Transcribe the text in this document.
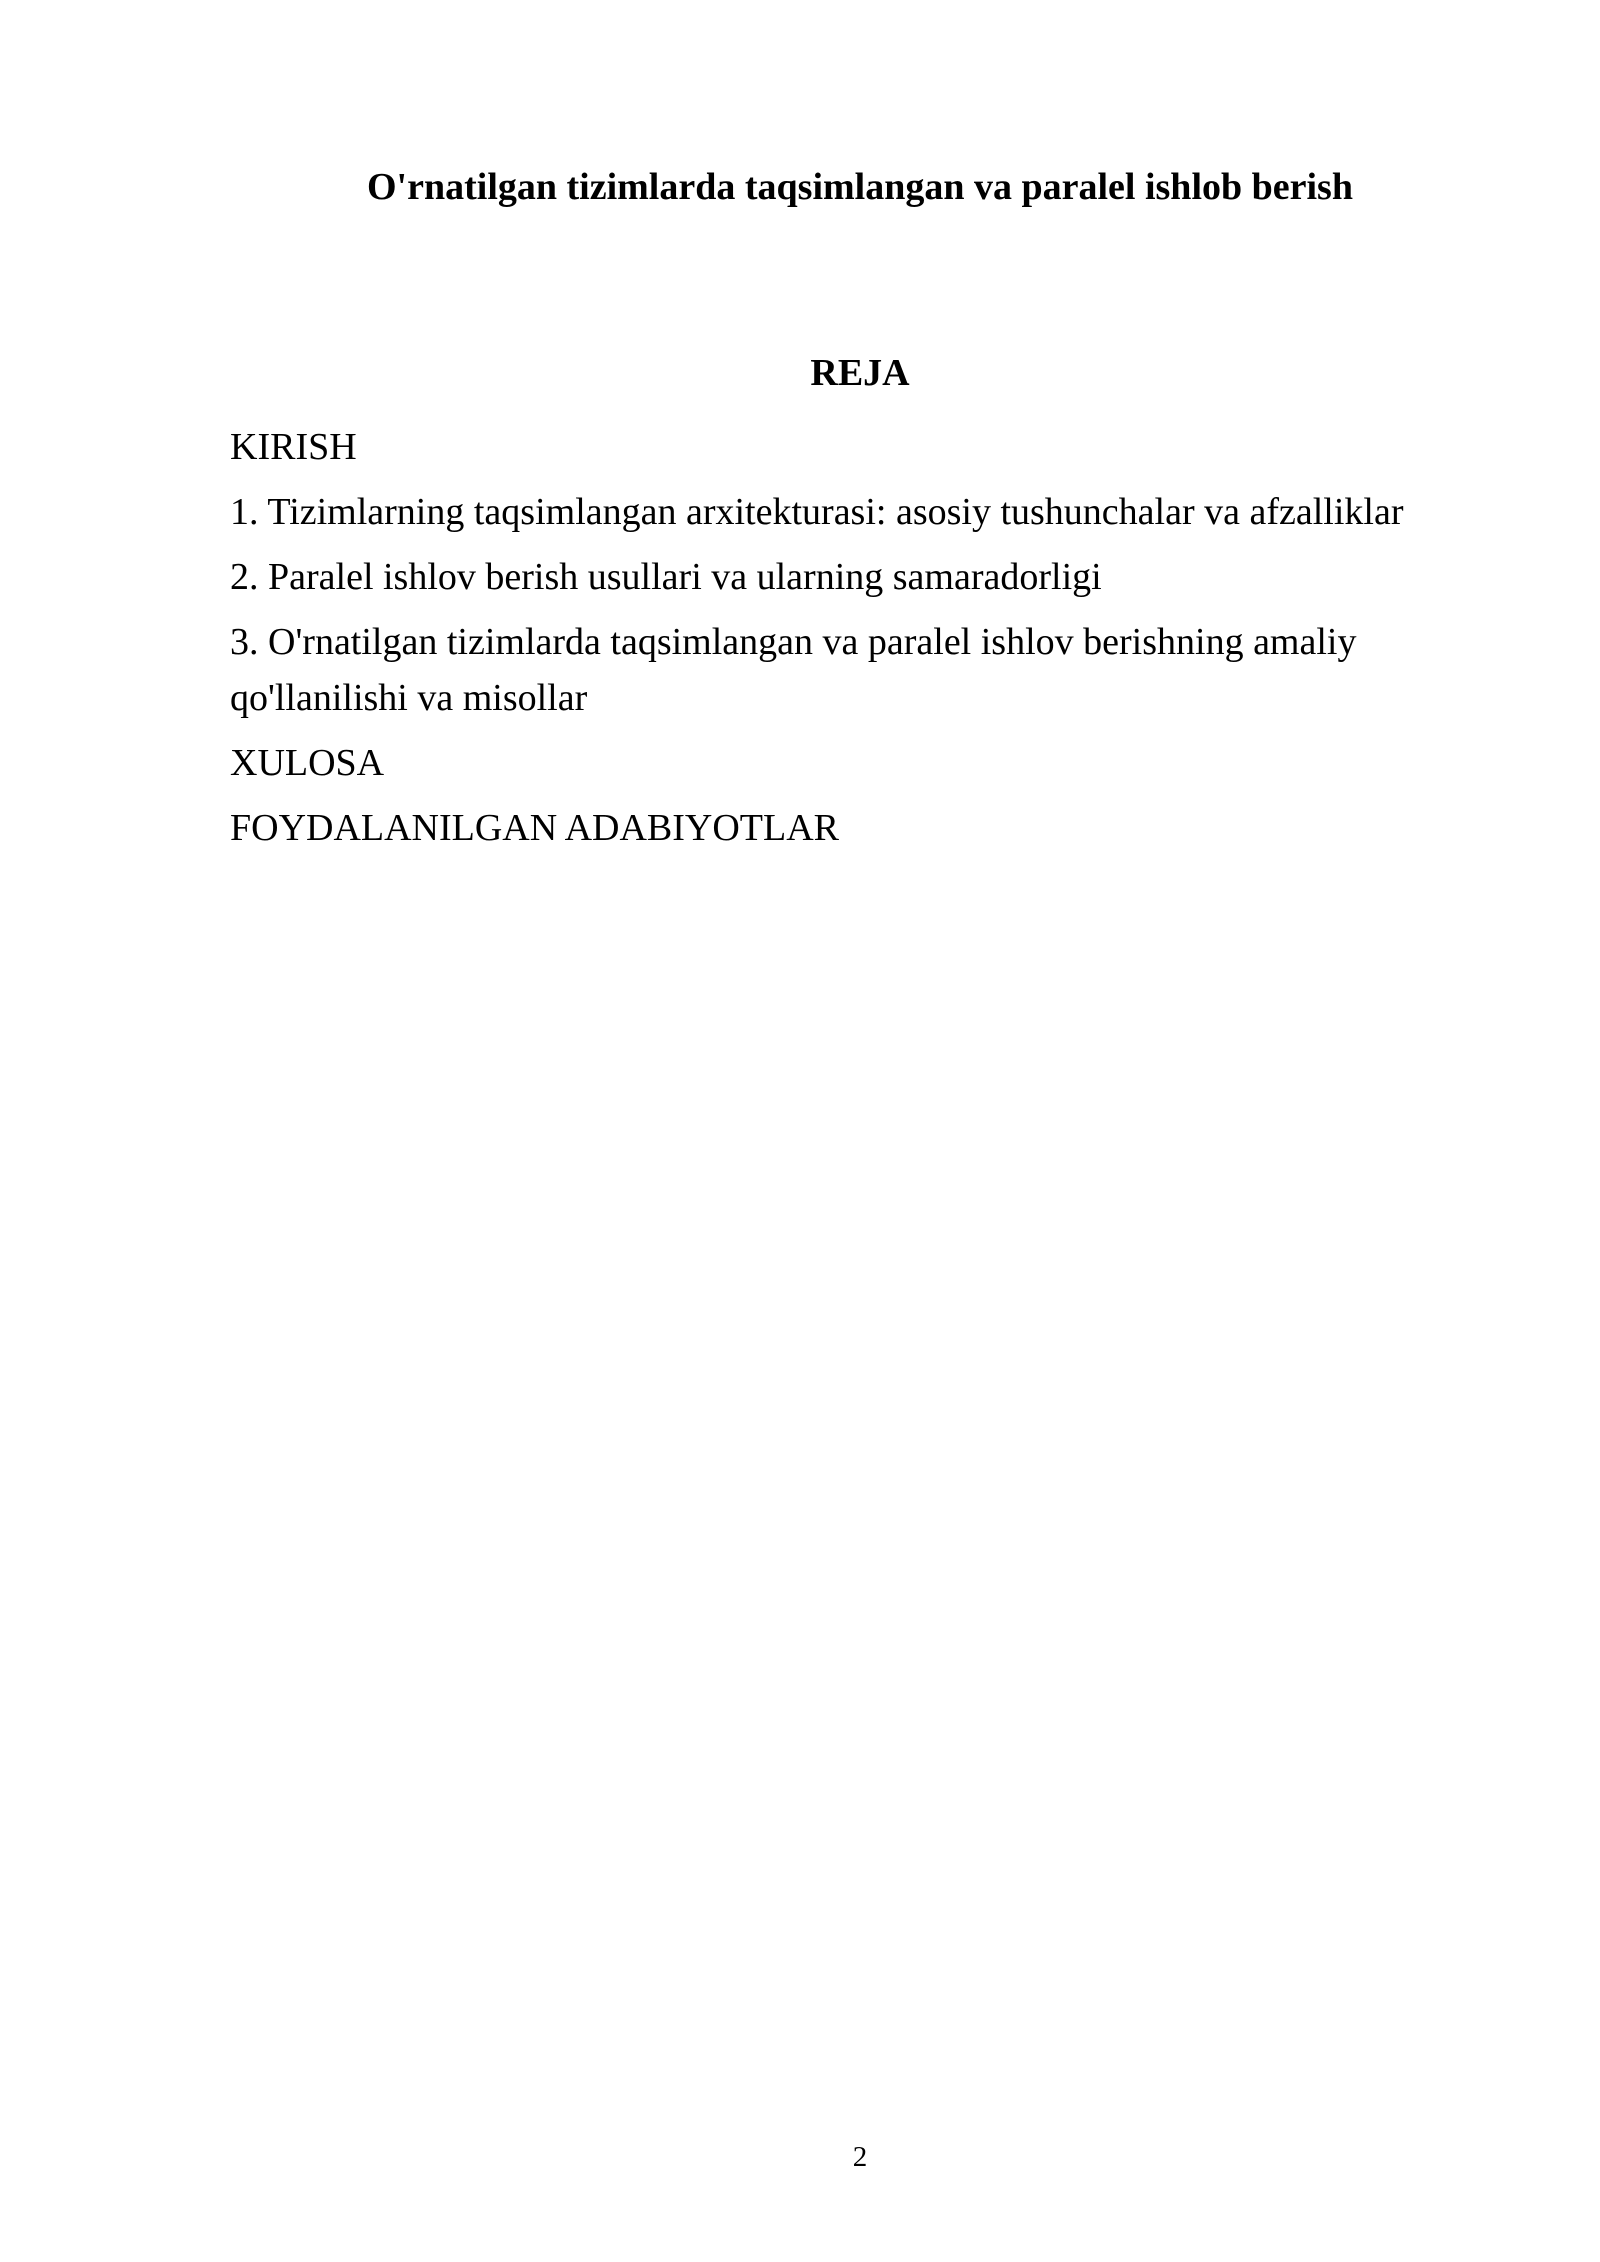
O'rnatilgan tizimlarda taqsimlangan va paralel ishlob berish
REJA
KIRISH
1. Tizimlarning taqsimlangan arxitekturasi: asosiy tushunchalar va afzalliklar
2. Paralel ishlov berish usullari va ularning samaradorligi
3. O'rnatilgan tizimlarda taqsimlangan va paralel ishlov berishning amaliy qo'llanilishi va misollar
XULOSA
FOYDALANILGAN ADABIYOTLAR
2
